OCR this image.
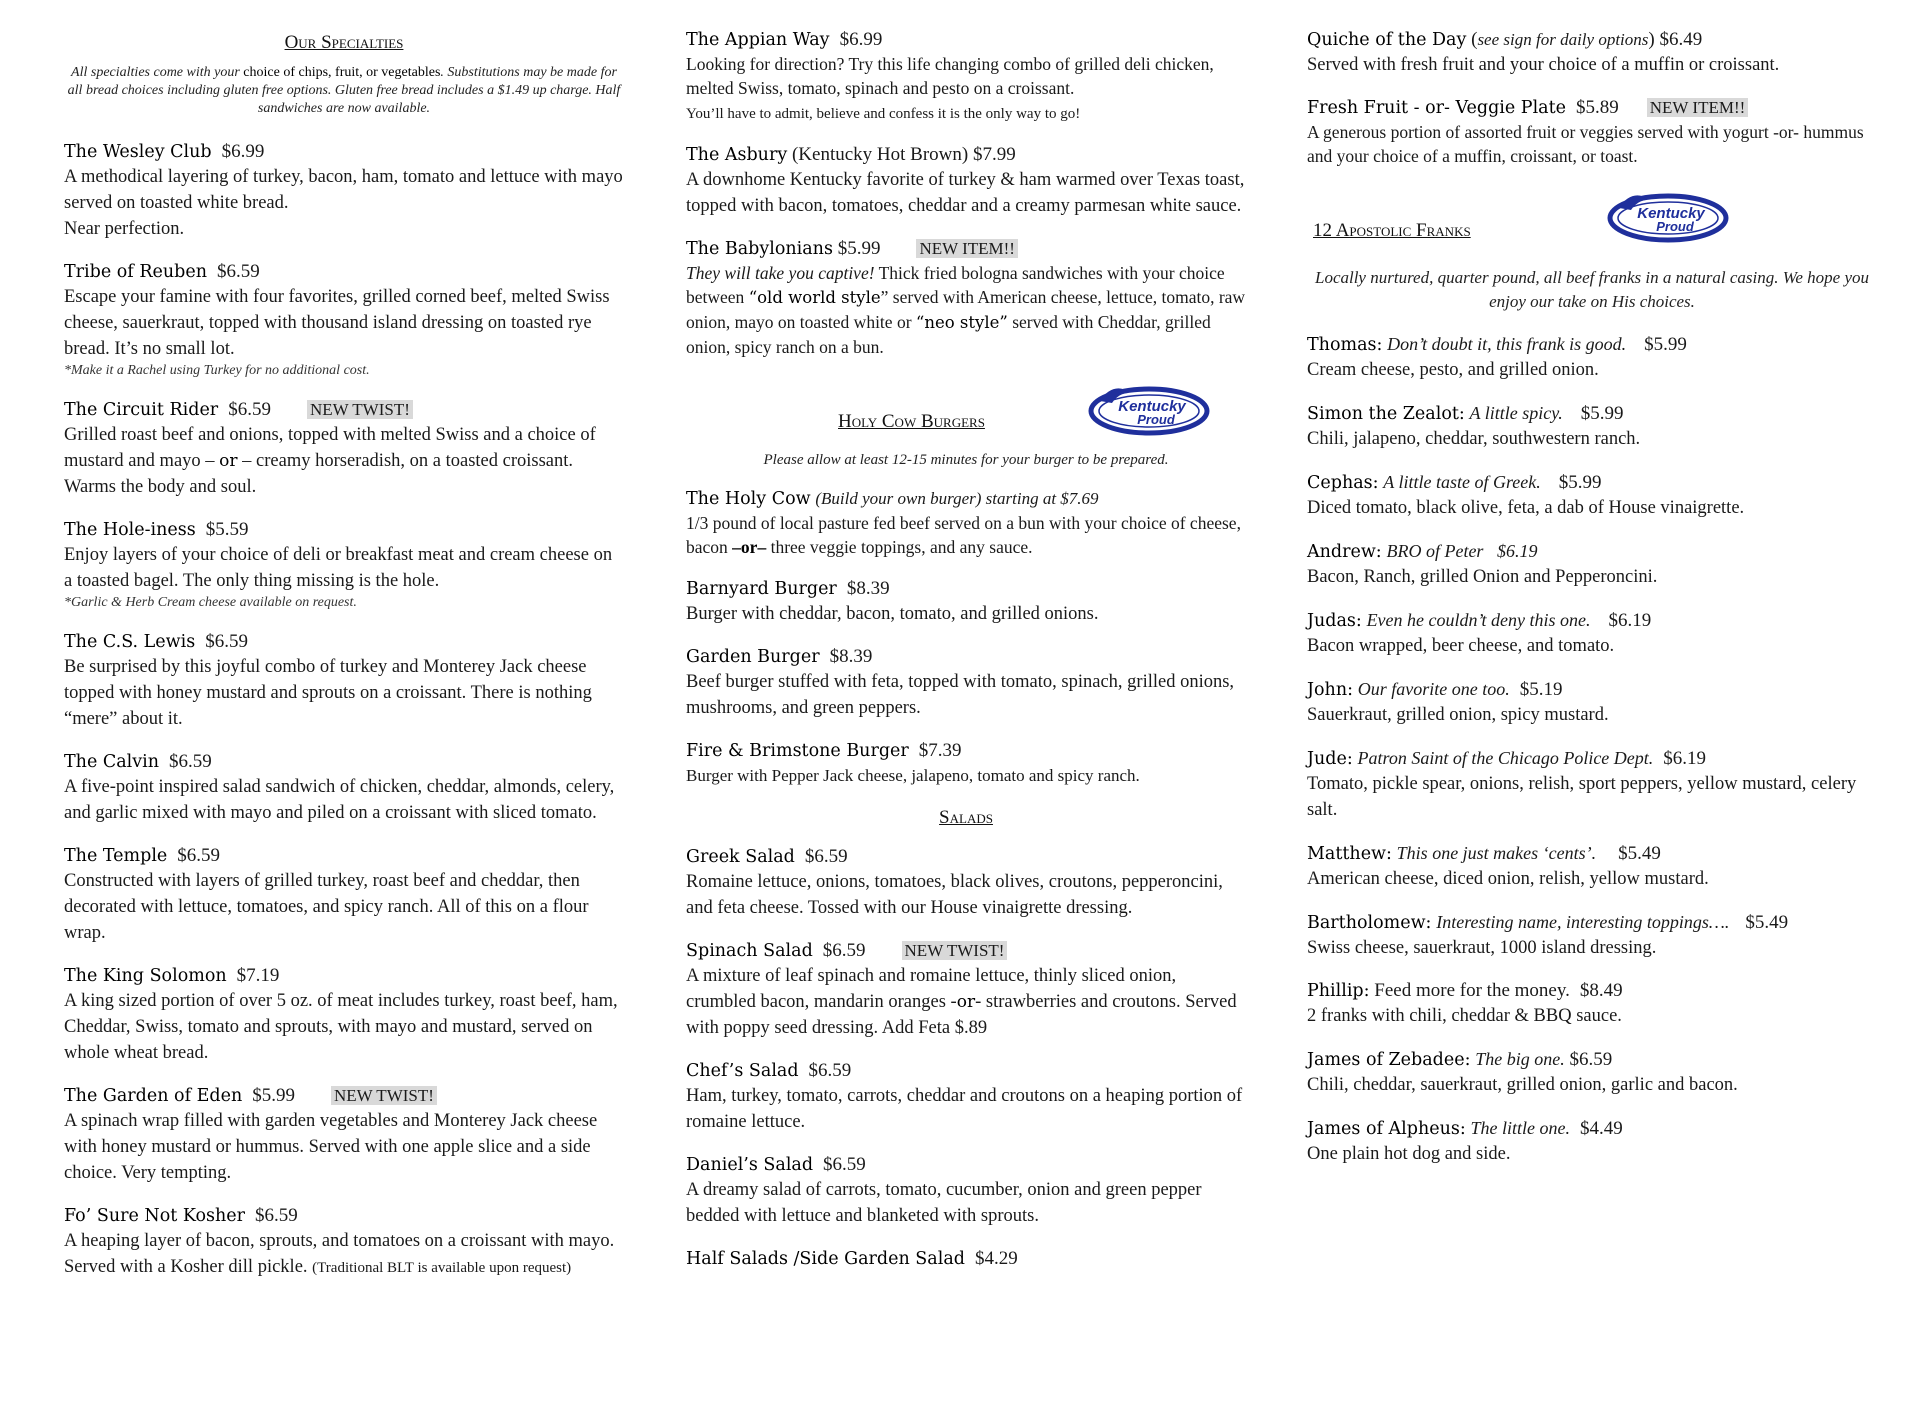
Our Specialties
All specialties come with your choice of chips, fruit, or vegetables. Substitutions may be made for all bread choices including gluten free options. Gluten free bread includes a $1.49 up charge. Half sandwiches are now available.
The Wesley Club $6.99
A methodical layering of turkey, bacon, ham, tomato and lettuce with mayo served on toasted white bread.
Near perfection.
Tribe of Reuben $6.59
Escape your famine with four favorites, grilled corned beef, melted Swiss cheese, sauerkraut, topped with thousand island dressing on toasted rye bread. It’s no small lot.
*Make it a Rachel using Turkey for no additional cost.
The Circuit Rider $6.59 NEW TWIST!
Grilled roast beef and onions, topped with melted Swiss and a choice of mustard and mayo – or – creamy horseradish, on a toasted croissant. Warms the body and soul.
The Hole-iness $5.59
Enjoy layers of your choice of deli or breakfast meat and cream cheese on a toasted bagel. The only thing missing is the hole.
*Garlic & Herb Cream cheese available on request.
The C.S. Lewis $6.59
Be surprised by this joyful combo of turkey and Monterey Jack cheese topped with honey mustard and sprouts on a croissant. There is nothing “mere” about it.
The Calvin $6.59
A five-point inspired salad sandwich of chicken, cheddar, almonds, celery, and garlic mixed with mayo and piled on a croissant with sliced tomato.
The Temple $6.59
Constructed with layers of grilled turkey, roast beef and cheddar, then decorated with lettuce, tomatoes, and spicy ranch. All of this on a flour wrap.
The King Solomon $7.19
A king sized portion of over 5 oz. of meat includes turkey, roast beef, ham, Cheddar, Swiss, tomato and sprouts, with mayo and mustard, served on whole wheat bread.
The Garden of Eden $5.99 NEW TWIST!
A spinach wrap filled with garden vegetables and Monterey Jack cheese with honey mustard or hummus. Served with one apple slice and a side choice. Very tempting.
Fo’ Sure Not Kosher $6.59
A heaping layer of bacon, sprouts, and tomatoes on a croissant with mayo. Served with a Kosher dill pickle. (Traditional BLT is available upon request)
The Appian Way $6.99
Looking for direction? Try this life changing combo of grilled deli chicken, melted Swiss, tomato, spinach and pesto on a croissant.
You’ll have to admit, believe and confess it is the only way to go!
The Asbury (Kentucky Hot Brown) $7.99
A downhome Kentucky favorite of turkey & ham warmed over Texas toast, topped with bacon, tomatoes, cheddar and a creamy parmesan white sauce.
The Babylonians $5.99 NEW ITEM!!
They will take you captive! Thick fried bologna sandwiches with your choice between “old world style” served with American cheese, lettuce, tomato, raw onion, mayo on toasted white or “neo style” served with Cheddar, grilled onion, spicy ranch on a bun.
Holy Cow Burgers
Kentucky
Proud
Please allow at least 12-15 minutes for your burger to be prepared.
The Holy Cow (Build your own burger) starting at $7.69
1/3 pound of local pasture fed beef served on a bun with your choice of cheese, bacon –or– three veggie toppings, and any sauce.
Barnyard Burger $8.39
Burger with cheddar, bacon, tomato, and grilled onions.
Garden Burger $8.39
Beef burger stuffed with feta, topped with tomato, spinach, grilled onions, mushrooms, and green peppers.
Fire & Brimstone Burger $7.39
Burger with Pepper Jack cheese, jalapeno, tomato and spicy ranch.
Salads
Greek Salad $6.59
Romaine lettuce, onions, tomatoes, black olives, croutons, pepperoncini, and feta cheese. Tossed with our House vinaigrette dressing.
Spinach Salad $6.59 NEW TWIST!
A mixture of leaf spinach and romaine lettuce, thinly sliced onion, crumbled bacon, mandarin oranges -or- strawberries and croutons. Served with poppy seed dressing. Add Feta $.89
Chef’s Salad $6.59
Ham, turkey, tomato, carrots, cheddar and croutons on a heaping portion of romaine lettuce.
Daniel’s Salad $6.59
A dreamy salad of carrots, tomato, cucumber, onion and green pepper bedded with lettuce and blanketed with sprouts.
Half Salads /Side Garden Salad $4.29
Quiche of the Day (see sign for daily options) $6.49
Served with fresh fruit and your choice of a muffin or croissant.
Fresh Fruit - or- Veggie Plate $5.89 NEW ITEM!!
A generous portion of assorted fruit or veggies served with yogurt -or- hummus and your choice of a muffin, croissant, or toast.
12 Apostolic Franks
Kentucky
Proud
Locally nurtured, quarter pound, all beef franks in a natural casing. We hope you enjoy our take on His choices.
Thomas: Don’t doubt it, this frank is good. $5.99
Cream cheese, pesto, and grilled onion.
Simon the Zealot: A little spicy. $5.99
Chili, jalapeno, cheddar, southwestern ranch.
Cephas: A little taste of Greek. $5.99
Diced tomato, black olive, feta, a dab of House vinaigrette.
Andrew: BRO of Peter   $6.19
Bacon, Ranch, grilled Onion and Pepperoncini.
Judas: Even he couldn’t deny this one. $6.19
Bacon wrapped, beer cheese, and tomato.
John: Our favorite one too. $5.19
Sauerkraut, grilled onion, spicy mustard.
Jude: Patron Saint of the Chicago Police Dept. $6.19
Tomato, pickle spear, onions, relish, sport peppers, yellow mustard, celery salt.
Matthew: This one just makes ‘cents’. $5.49
American cheese, diced onion, relish, yellow mustard.
Bartholomew: Interesting name, interesting toppings…. $5.49
Swiss cheese, sauerkraut, 1000 island dressing.
Phillip: Feed more for the money. $8.49
2 franks with chili, cheddar & BBQ sauce.
James of Zebadee: The big one. $6.59
Chili, cheddar, sauerkraut, grilled onion, garlic and bacon.
James of Alpheus: The little one. $4.49
One plain hot dog and side.
